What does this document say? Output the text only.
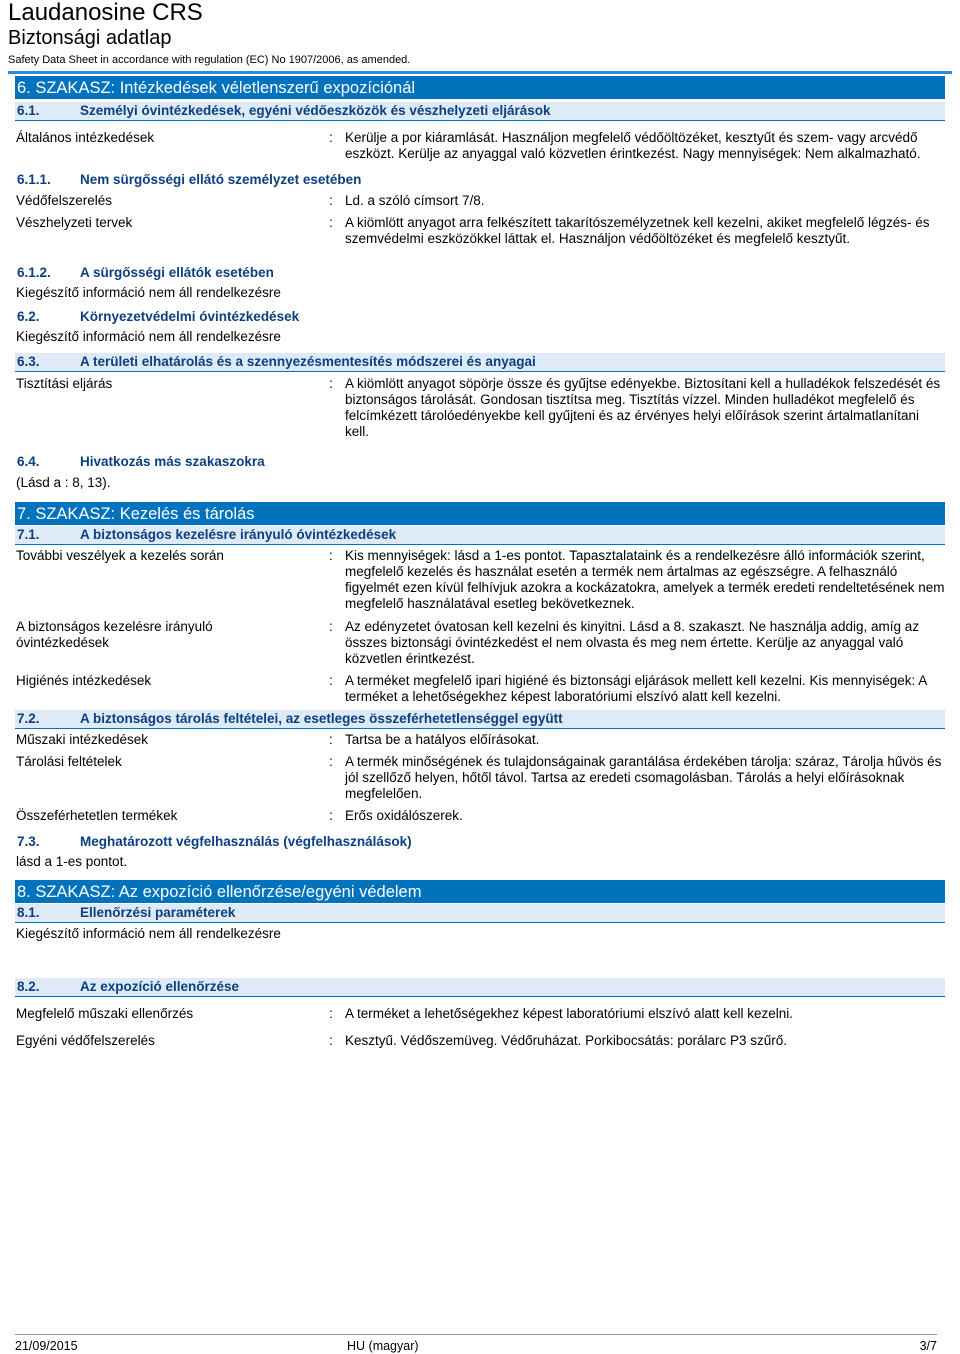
Laudanosine CRS
Biztonsági adatlap
Safety Data Sheet in accordance with regulation (EC) No 1907/2006, as amended.
6. SZAKASZ: Intézkedések véletlenszerű expozíciónál
6.1.	Személyi óvintézkedések, egyéni védőeszközök és vészhelyzeti eljárások
Általános intézkedések	: Kerülje a por kiáramlását. Használjon megfelelő védőöltözéket, kesztyűt és szem- vagy arcvédő eszközt. Kerülje az anyaggal való közvetlen érintkezést. Nagy mennyiségek: Nem alkalmazható.
6.1.1. Nem sürgősségi ellátó személyzet esetében
Védőfelszerelés	: Ld. a szóló címsort 7/8.
Vészhelyzeti tervek	: A kiömlött anyagot arra felkészített takarítószemélyzetnek kell kezelni, akiket megfelelő légzés- és szemvédelmi eszközökkel láttak el. Használjon védőöltözéket és megfelelő kesztyűt.
6.1.2. A sürgősségi ellátók esetében
Kiegészítő információ nem áll rendelkezésre
6.2.	Környezetvédelmi óvintézkedések
Kiegészítő információ nem áll rendelkezésre
6.3.	A területi elhatárolás és a szennyezésmentesítés módszerei és anyagai
Tisztítási eljárás	: A kiömlött anyagot söpörje össze és gyűjtse edényekbe. Biztosítani kell a hulladékok felszedését és biztonságos tárolását. Gondosan tisztítsa meg. Tisztítás vízzel. Minden hulladékot megfelelő és felcímkézett tárolóedényekbe kell gyűjteni és az érvényes helyi előírások szerint ártalmatlanítani kell.
6.4.	Hivatkozás más szakaszokra
(Lásd a : 8, 13).
7. SZAKASZ: Kezelés és tárolás
7.1.	A biztonságos kezelésre irányuló óvintézkedések
További veszélyek a kezelés során	: Kis mennyiségek: lásd a 1-es pontot. Tapasztalataink és a rendelkezésre álló információk szerint, megfelelő kezelés és használat esetén a termék nem ártalmas az egészségre. A felhasználó figyelmét ezen kívül felhívjuk azokra a kockázatokra, amelyek a termék eredeti rendeltetésének nem megfelelő használatával esetleg bekövetkeznek.
A biztonságos kezelésre irányuló óvintézkedések
: Az edényzetet óvatosan kell kezelni és kinyitni. Lásd a 8. szakaszt. Ne használja addig, amíg az összes biztonsági óvintézkedést el nem olvasta és meg nem értette. Kerülje az anyaggal való közvetlen érintkezést.
Higiénés intézkedések	: A terméket megfelelő ipari higiéné és biztonsági eljárások mellett kell kezelni. Kis mennyiségek: A terméket a lehetőségekhez képest laboratóriumi elszívó alatt kell kezelni.
7.2.	A biztonságos tárolás feltételei, az esetleges összeférhetetlenséggel együtt
Műszaki intézkedések	: Tartsa be a hatályos előírásokat.
Tárolási feltételek	: A termék minőségének és tulajdonságainak garantálása érdekében tárolja: száraz, Tárolja hűvös és jól szellőző helyen, hőtől távol. Tartsa az eredeti csomagolásban. Tárolás a helyi előírásoknak megfelelően.
Összeférhetetlen termékek	: Erős oxidálószerek.
7.3.	Meghatározott végfelhasználás (végfelhasználások)
lásd a 1-es pontot.
8. SZAKASZ: Az expozíció ellenőrzése/egyéni védelem
8.1.	Ellenőrzési paraméterek
Kiegészítő információ nem áll rendelkezésre
8.2.	Az expozíció ellenőrzése
Megfelelő műszaki ellenőrzés	: A terméket a lehetőségekhez képest laboratóriumi elszívó alatt kell kezelni.
Egyéni védőfelszerelés	: Kesztyű. Védőszemüveg. Védőruházat. Porkibocsátás: porálarc P3 szűrő.
21/09/2015	HU (magyar)	3/7
